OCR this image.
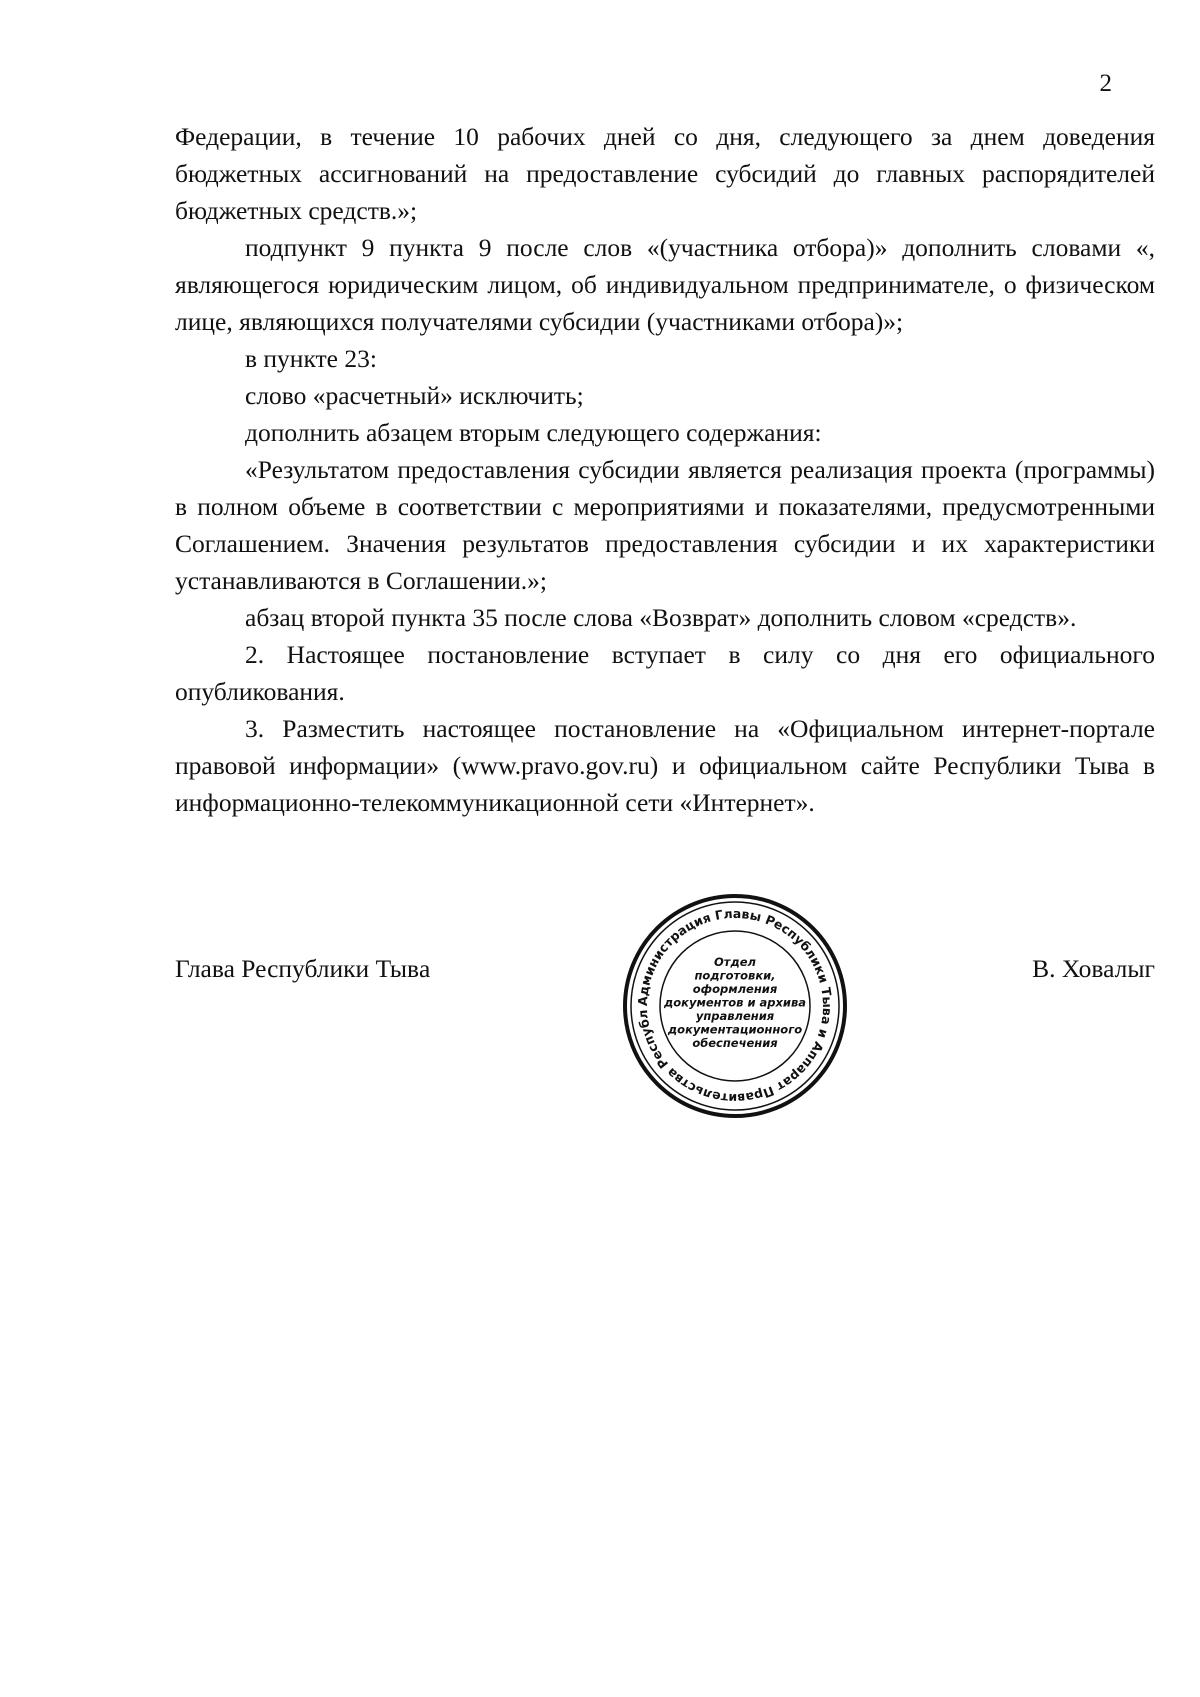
2

Федерации, в течение 10 рабочих дней со дня, следующего за днем доведения бюджетных ассигнований на предоставление субсидий до главных распорядителей бюджетных средств.»;

подпункт 9 пункта 9 после слов «(участника отбора)» дополнить словами «, являющегося юридическим лицом, об индивидуальном предпринимателе, о физическом лице, являющихся получателями субсидии (участниками отбора)»;

в пункте 23:

слово «расчетный» исключить;

дополнить абзацем вторым следующего содержания:

«Результатом предоставления субсидии является реализация проекта (программы) в полном объеме в соответствии с мероприятиями и показателями, предусмотренными Соглашением. Значения результатов предоставления субсидии и их характеристики устанавливаются в Соглашении.»;

абзац второй пункта 35 после слова «Возврат» дополнить словом «средств».

2. Настоящее постановление вступает в силу со дня его официального опубликования.

3. Разместить настоящее постановление на «Официальном интернет-портале правовой информации» (www.pravo.gov.ru) и официальном сайте Республики Тыва в информационно-телекоммуникационной сети «Интернет».

Глава Республики Тывa	В. Ховалыг
Администрация Главы Республики Тыва и Аппарат Правительства Республ
Отдел
подготовки,
оформления
документов и архива
управления
документационного
обеспечения
